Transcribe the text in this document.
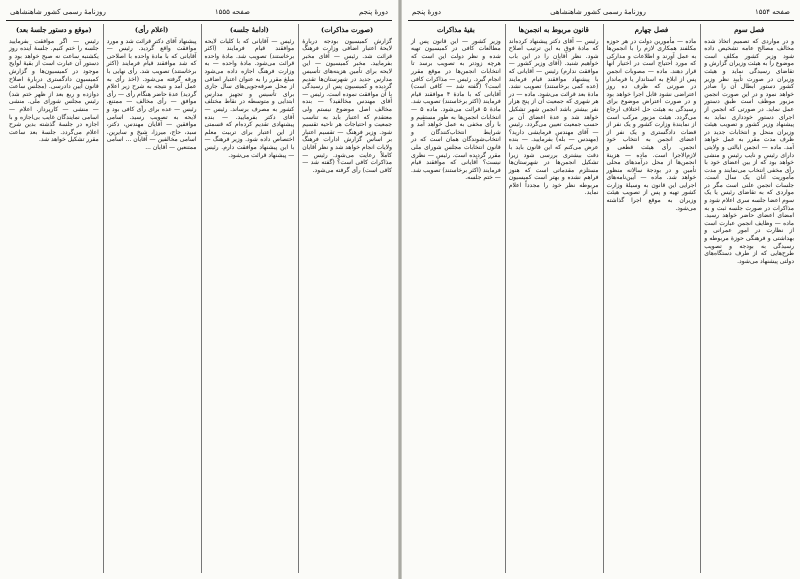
دورهٔ پنجم
صفحه ۱۵۵۵
روزنامهٔ رسمی کشور شاهنشاهی
(صورت مذاکرات)

گزارش کمیسیون بودجه دربارهٔ لایحهٔ اعتبار اضافی وزارت فرهنگ قرائت شد. رئیس — آقای مخبر بفرمایید. مخبر کمیسیون — این لایحه برای تأمین هزینه‌های تأسیس مدارس جدید در شهرستان‌ها تقدیم گردیده و کمیسیون پس از رسیدگی با آن موافقت نموده است. رئیس — آقای مهندس مخالفید؟ — بنده مخالف اصل موضوع نیستم ولی معتقدم که اعتبار باید به تناسب جمعیت و احتیاجات هر ناحیه تقسیم شود. وزیر فرهنگ — تقسیم اعتبار بر اساس گزارش ادارات فرهنگ ولایات انجام خواهد شد و نظر آقایان کاملاً رعایت می‌شود. رئیس — مذاکرات کافی است؟ (گفته شد — کافی است) رأی گرفته می‌شود.

(ادامهٔ جلسه)

رئیس — آقایانی که با کلیات لایحه موافقند قیام فرمایند (اکثر برخاستند) تصویب شد. مادهٔ واحده قرائت می‌شود. مادهٔ واحده — به وزارت فرهنگ اجازه داده می‌شود مبلغ مقرر را به عنوان اعتبار اضافی از محل صرفه‌جویی‌های سال جاری برای تأسیس و تجهیز مدارس ابتدایی و متوسطه در نقاط مختلف کشور به مصرف برساند. رئیس — آقای دکتر بفرمایید. — بنده پیشنهادی تقدیم کرده‌ام که قسمتی از این اعتبار برای تربیت معلم اختصاص داده شود. وزیر فرهنگ — با این پیشنهاد موافقت دارم. رئیس — پیشنهاد قرائت می‌شود.

(اعلام رأی)

پیشنهاد آقای دکتر قرائت شد و مورد موافقت واقع گردید. رئیس — آقایانی که با مادهٔ واحده با اصلاحی که شد موافقند قیام فرمایند (اکثر برخاستند) تصویب شد. رأی نهایی با ورقه گرفته می‌شود. (اخذ رأی به عمل آمد و نتیجه به شرح زیر اعلام گردید) عدهٔ حاضر هنگام رأی — رأی موافق — رأی مخالف — ممتنع. رئیس — عده برای رأی کافی بود و لایحه به تصویب رسید. اسامی موافقین — آقایان مهندس، دکتر، سید، حاج، میرزا، شیخ و سایرین. اسامی مخالفین — آقایان ... اسامی ممتنعین — آقایان ...

(موقع و دستور جلسهٔ بعد)

رئیس — اگر موافقت بفرمایید جلسه را ختم کنیم. جلسهٔ آینده روز یکشنبه ساعت نه صبح خواهد بود و دستور آن عبارت است از بقیهٔ لوایح موجود در کمیسیون‌ها و گزارش کمیسیون دادگستری دربارهٔ اصلاح قانون آیین دادرسی. (مجلس ساعت دوازده و ربع بعد از ظهر ختم شد) رئیس مجلس شورای ملی. منشی — منشی — کارپرداز. اعلام — اسامی نمایندگان غایب بی‌اجازه و با اجازه در جلسهٔ گذشته بدین شرح اعلام می‌گردد. جلسهٔ بعد ساعت مقرر تشکیل خواهد شد.

صفحه ۱۵۵۴
روزنامهٔ رسمی کشور شاهنشاهی
دورهٔ پنجم
فصل سوم

و در مواردی که تصمیم اتخاذ شده مخالف مصالح عامه تشخیص داده شود وزیر کشور مکلف است موضوع را به هیئت وزیران گزارش و تقاضای رسیدگی نماید و هیئت وزیران در صورت تأیید نظر وزیر کشور دستور ابطال آن را صادر خواهد نمود و در این صورت انجمن مزبور موظف است طبق دستور عمل نماید. در صورتی که انجمن از اجرای دستور خودداری نماید به پیشنهاد وزیر کشور و تصویب هیئت وزیران منحل و انتخابات جدید در ظرف مدت مقرر به عمل خواهد آمد. ماده — انجمن ایالتی و ولایتی دارای رئیس و نایب رئیس و منشی خواهد بود که از بین اعضای خود با رأی مخفی انتخاب می‌نمایند و مدت مأموریت آنان یک سال است. جلسات انجمن علنی است مگر در مواردی که به تقاضای رئیس یا یک سوم اعضا جلسه سری اعلام شود و مذاکرات در صورت جلسه ثبت و به امضای اعضای حاضر خواهد رسید. ماده — وظایف انجمن عبارت است از نظارت در امور عمرانی و بهداشتی و فرهنگی حوزهٔ مربوطه و رسیدگی به بودجه و تصویب طرح‌هایی که از طرف دستگاه‌های دولتی پیشنهاد می‌شود.

فصل چهارم

ماده — مأمورین دولت در هر حوزه مکلفند همکاری لازم را با انجمن‌ها به عمل آورند و اطلاعات و مدارکی که مورد احتیاج است در اختیار آنها قرار دهند. ماده — مصوبات انجمن پس از ابلاغ به استاندار یا فرماندار در صورتی که ظرف ده روز اعتراضی نشود قابل اجرا خواهد بود و در صورت اعتراض موضوع برای رسیدگی به هیئت حل اختلاف ارجاع می‌گردد. هیئت مزبور مرکب است از نمایندهٔ وزارت کشور و یک نفر از قضات دادگستری و یک نفر از اعضای انجمن به انتخاب خود انجمن. رأی هیئت قطعی و لازم‌الاجرا است. ماده — هزینهٔ انجمن‌ها از محل درآمدهای محلی تأمین و در بودجهٔ سالانه منظور خواهد شد. ماده — آیین‌نامه‌های اجرایی این قانون به وسیلهٔ وزارت کشور تهیه و پس از تصویب هیئت وزیران به موقع اجرا گذاشته می‌شود.

قانون مربوط به انجمن‌ها

رئیس — آقای دکتر پیشنهاد کرده‌اند که مادهٔ فوق به این ترتیب اصلاح شود. نظر آقایان را در این باب خواهیم شنید. (آقای وزیر کشور — موافقت ندارم) رئیس — آقایانی که با پیشنهاد موافقند قیام فرمایند (عده کمی برخاستند) تصویب نشد. مادهٔ بعد قرائت می‌شود. ماده — در هر شهری که جمعیت آن از پنج هزار نفر بیشتر باشد انجمن شهر تشکیل خواهد شد و عدهٔ اعضای آن بر حسب جمعیت تعیین می‌گردد. رئیس — آقای مهندس فرمایشی دارید؟ (مهندس — بله) بفرمایید. — بنده عرض می‌کنم که این قانون باید با دقت بیشتری بررسی شود زیرا تشکیل انجمن‌ها در شهرستان‌ها مستلزم مقدماتی است که هنوز فراهم نشده و بهتر است کمیسیون مربوطه نظر خود را مجدداً اعلام نماید.

بقیهٔ مذاکرات

وزیر کشور — این قانون پس از مطالعات کافی در کمیسیون تهیه شده و نظر دولت این است که هرچه زودتر به تصویب برسد تا انتخابات انجمن‌ها در موقع مقرر انجام گیرد. رئیس — مذاکرات کافی است؟ (گفته شد — کافی است) آقایانی که با مادهٔ ۴ موافقند قیام فرمایند (اکثر برخاستند) تصویب شد. مادهٔ ۵ قرائت می‌شود. ماده ۵ — انتخابات انجمن‌ها به طور مستقیم و با رأی مخفی به عمل خواهد آمد و شرایط انتخاب‌کنندگان و انتخاب‌شوندگان همان است که در قانون انتخابات مجلس شورای ملی مقرر گردیده است. رئیس — نظری نیست؟ آقایانی که موافقند قیام فرمایند (اکثر برخاستند) تصویب شد. — ختم جلسه.
